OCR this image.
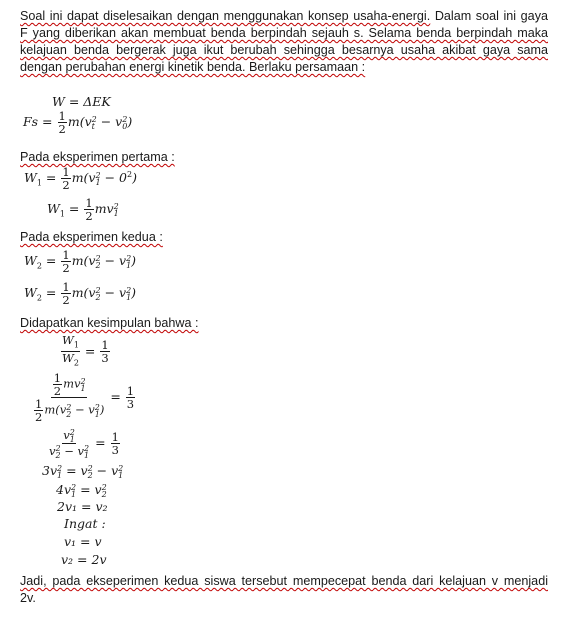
Soal ini dapat diselesaikan dengan menggunakan konsep usaha-energi. Dalam soal ini gaya
F yang diberikan akan membuat benda berpindah sejauh s. Selama benda berpindah maka
kelajuan benda bergerak juga ikut berubah sehingga besarnya usaha akibat gaya sama
dengan perubahan energi kinetik benda. Berlaku persamaan :
W = ΔEK
$Fs = \frac{1}{2} m(v$ 2
t − v 2
0 )
Pada eksperimen pertama :
$W_1 = \frac{1}{2} m(v$ 2
$1 - 0^2$)
$W_1 = \frac{1}{2}$ mv 2
1
Pada eksperimen kedua :
$W_2 = \frac{1}{2} m(v$ 2
2 − v 2
1 )
$W_2 = \frac{1}{2} m(v$ 2
2 − v 2
1 )
Didapatkan kesimpulan bahwa :
$\frac{W_1}{W_2} = \frac{1}{3}$
$\frac{1}{2}$ mv 2
1
$\frac{1}{2} m(v$ 2
2 − v 2
1 ) = $\frac{1}{3}$
v 2
1
v 2
2 − v 2
$1 = \frac{1}{3}$
3v 2
1 = v 2
2 − v 2
1
4v 2
1 = v 2
2
2v₁ = v₂
Ingat :
v₁ = v
v₂ = 2v
Jadi, pada ekseperimen kedua siswa tersebut mempecepat benda dari kelajuan v menjadi
2v.
